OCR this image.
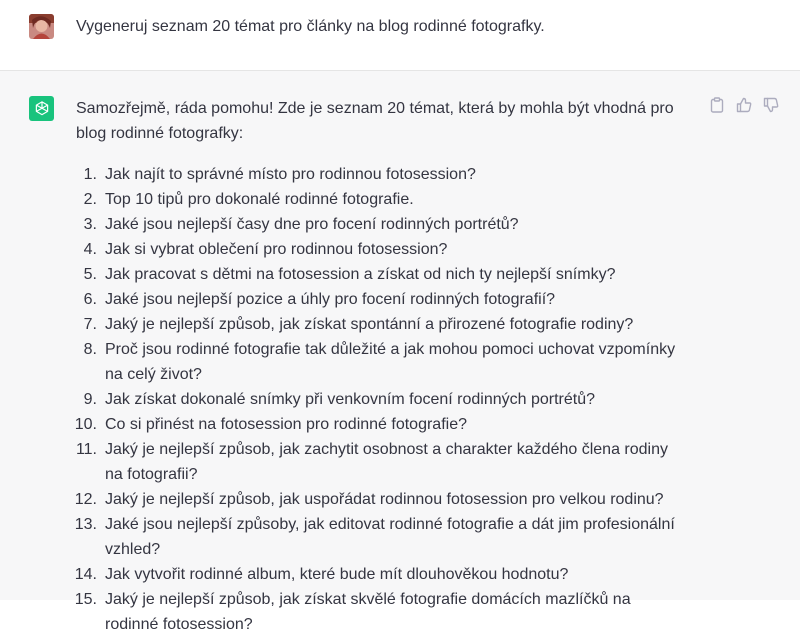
Vygeneruj seznam 20 témat pro články na blog rodinné fotografky.

Samozřejmě, ráda pomohu! Zde je seznam 20 témat, která by mohla být vhodná pro blog rodinné fotografky:

1. Jak najít to správné místo pro rodinnou fotosession?
2. Top 10 tipů pro dokonalé rodinné fotografie.
3. Jaké jsou nejlepší časy dne pro focení rodinných portrétů?
4. Jak si vybrat oblečení pro rodinnou fotosession?
5. Jak pracovat s dětmi na fotosession a získat od nich ty nejlepší snímky?
6. Jaké jsou nejlepší pozice a úhly pro focení rodinných fotografií?
7. Jaký je nejlepší způsob, jak získat spontánní a přirozené fotografie rodiny?
8. Proč jsou rodinné fotografie tak důležité a jak mohou pomoci uchovat vzpomínky na celý život?
9. Jak získat dokonalé snímky při venkovním focení rodinných portrétů?
10. Co si přinést na fotosession pro rodinné fotografie?
11. Jaký je nejlepší způsob, jak zachytit osobnost a charakter každého člena rodiny na fotografii?
12. Jaký je nejlepší způsob, jak uspořádat rodinnou fotosession pro velkou rodinu?
13. Jaké jsou nejlepší způsoby, jak editovat rodinné fotografie a dát jim profesionální vzhled?
14. Jak vytvořit rodinné album, které bude mít dlouhověkou hodnotu?
15. Jaký je nejlepší způsob, jak získat skvělé fotografie domácích mazlíčků na rodinné fotosession?
